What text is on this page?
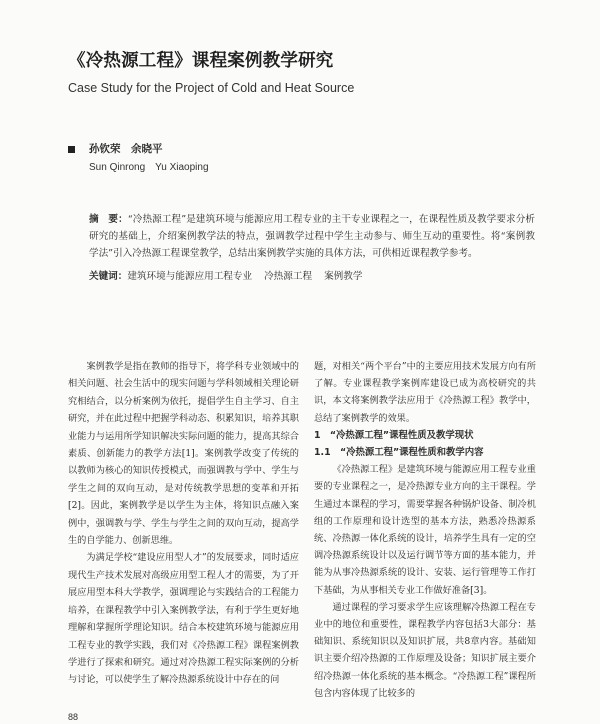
《冷热源工程》课程案例教学研究
Case Study for the Project of Cold and Heat Source
孙钦荣　余晓平
Sun Qinrong　Yu Xiaoping

摘　要：“冷热源工程”是建筑环境与能源应用工程专业的主干专业课程之一，在课程性质及教学要求分析研究的基础上，介绍案例教学法的特点，强调教学过程中学生主动参与、师生互动的重要性。将“案例教学法”引入冷热源工程课堂教学，总结出案例教学实施的具体方法，可供相近课程教学参考。

关键词：建筑环境与能源应用工程专业 冷热源工程 案例教学

案例教学是指在教师的指导下，将学科专业领域中的相关问题、社会生活中的现实问题与学科领域相关理论研究相结合，以分析案例为依托，提倡学生自主学习、自主研究，并在此过程中把握学科动态、积累知识，培养其职业能力与运用所学知识解决实际问题的能力，提高其综合素质、创新能力的教学方法[1]。案例教学改变了传统的以教师为核心的知识传授模式，而强调教与学中、学生与学生之间的双向互动，是对传统教学思想的变革和开拓[2]。因此，案例教学是以学生为主体，将知识点融入案例中，强调教与学、学生与学生之间的双向互动，提高学生的自学能力、创新思维。

为满足学校“建设应用型人才”的发展要求，同时适应现代生产技术发展对高级应用型工程人才的需要，为了开展应用型本科大学教学，强调理论与实践结合的工程能力培养，在课程教学中引入案例教学法，有利于学生更好地理解和掌握所学理论知识。结合本校建筑环境与能源应用工程专业的教学实践，我们对《冷热源工程》课程案例教学进行了探索和研究。通过对冷热源工程实际案例的分析与讨论，可以使学生了解冷热源系统设计中存在的问

题，对相关“两个平台”中的主要应用技术发展方向有所了解。专业课程教学案例库建设已成为高校研究的共识，本文将案例教学法应用于《冷热源工程》教学中，总结了案例教学的效果。

1　“冷热源工程”课程性质及教学现状
1.1　“冷热源工程”课程性质和教学内容

《冷热源工程》是建筑环境与能源应用工程专业重要的专业课程之一，是冷热源专业方向的主干课程。学生通过本课程的学习，需要掌握各种锅炉设备、制冷机组的工作原理和设计选型的基本方法，熟悉冷热源系统、冷热源一体化系统的设计，培养学生具有一定的空调冷热源系统设计以及运行调节等方面的基本能力，并能为从事冷热源系统的设计、安装、运行管理等工作打下基础，为从事相关专业工作做好准备[3]。

通过课程的学习要求学生应该理解冷热源工程在专业中的地位和重要性，课程教学内容包括3大部分：基础知识、系统知识以及知识扩展，共8章内容。基础知识主要介绍冷热源的工作原理及设备；知识扩展主要介绍冷热源一体化系统的基本概念。“冷热源工程”课程所包含内容体现了比较多的

88
